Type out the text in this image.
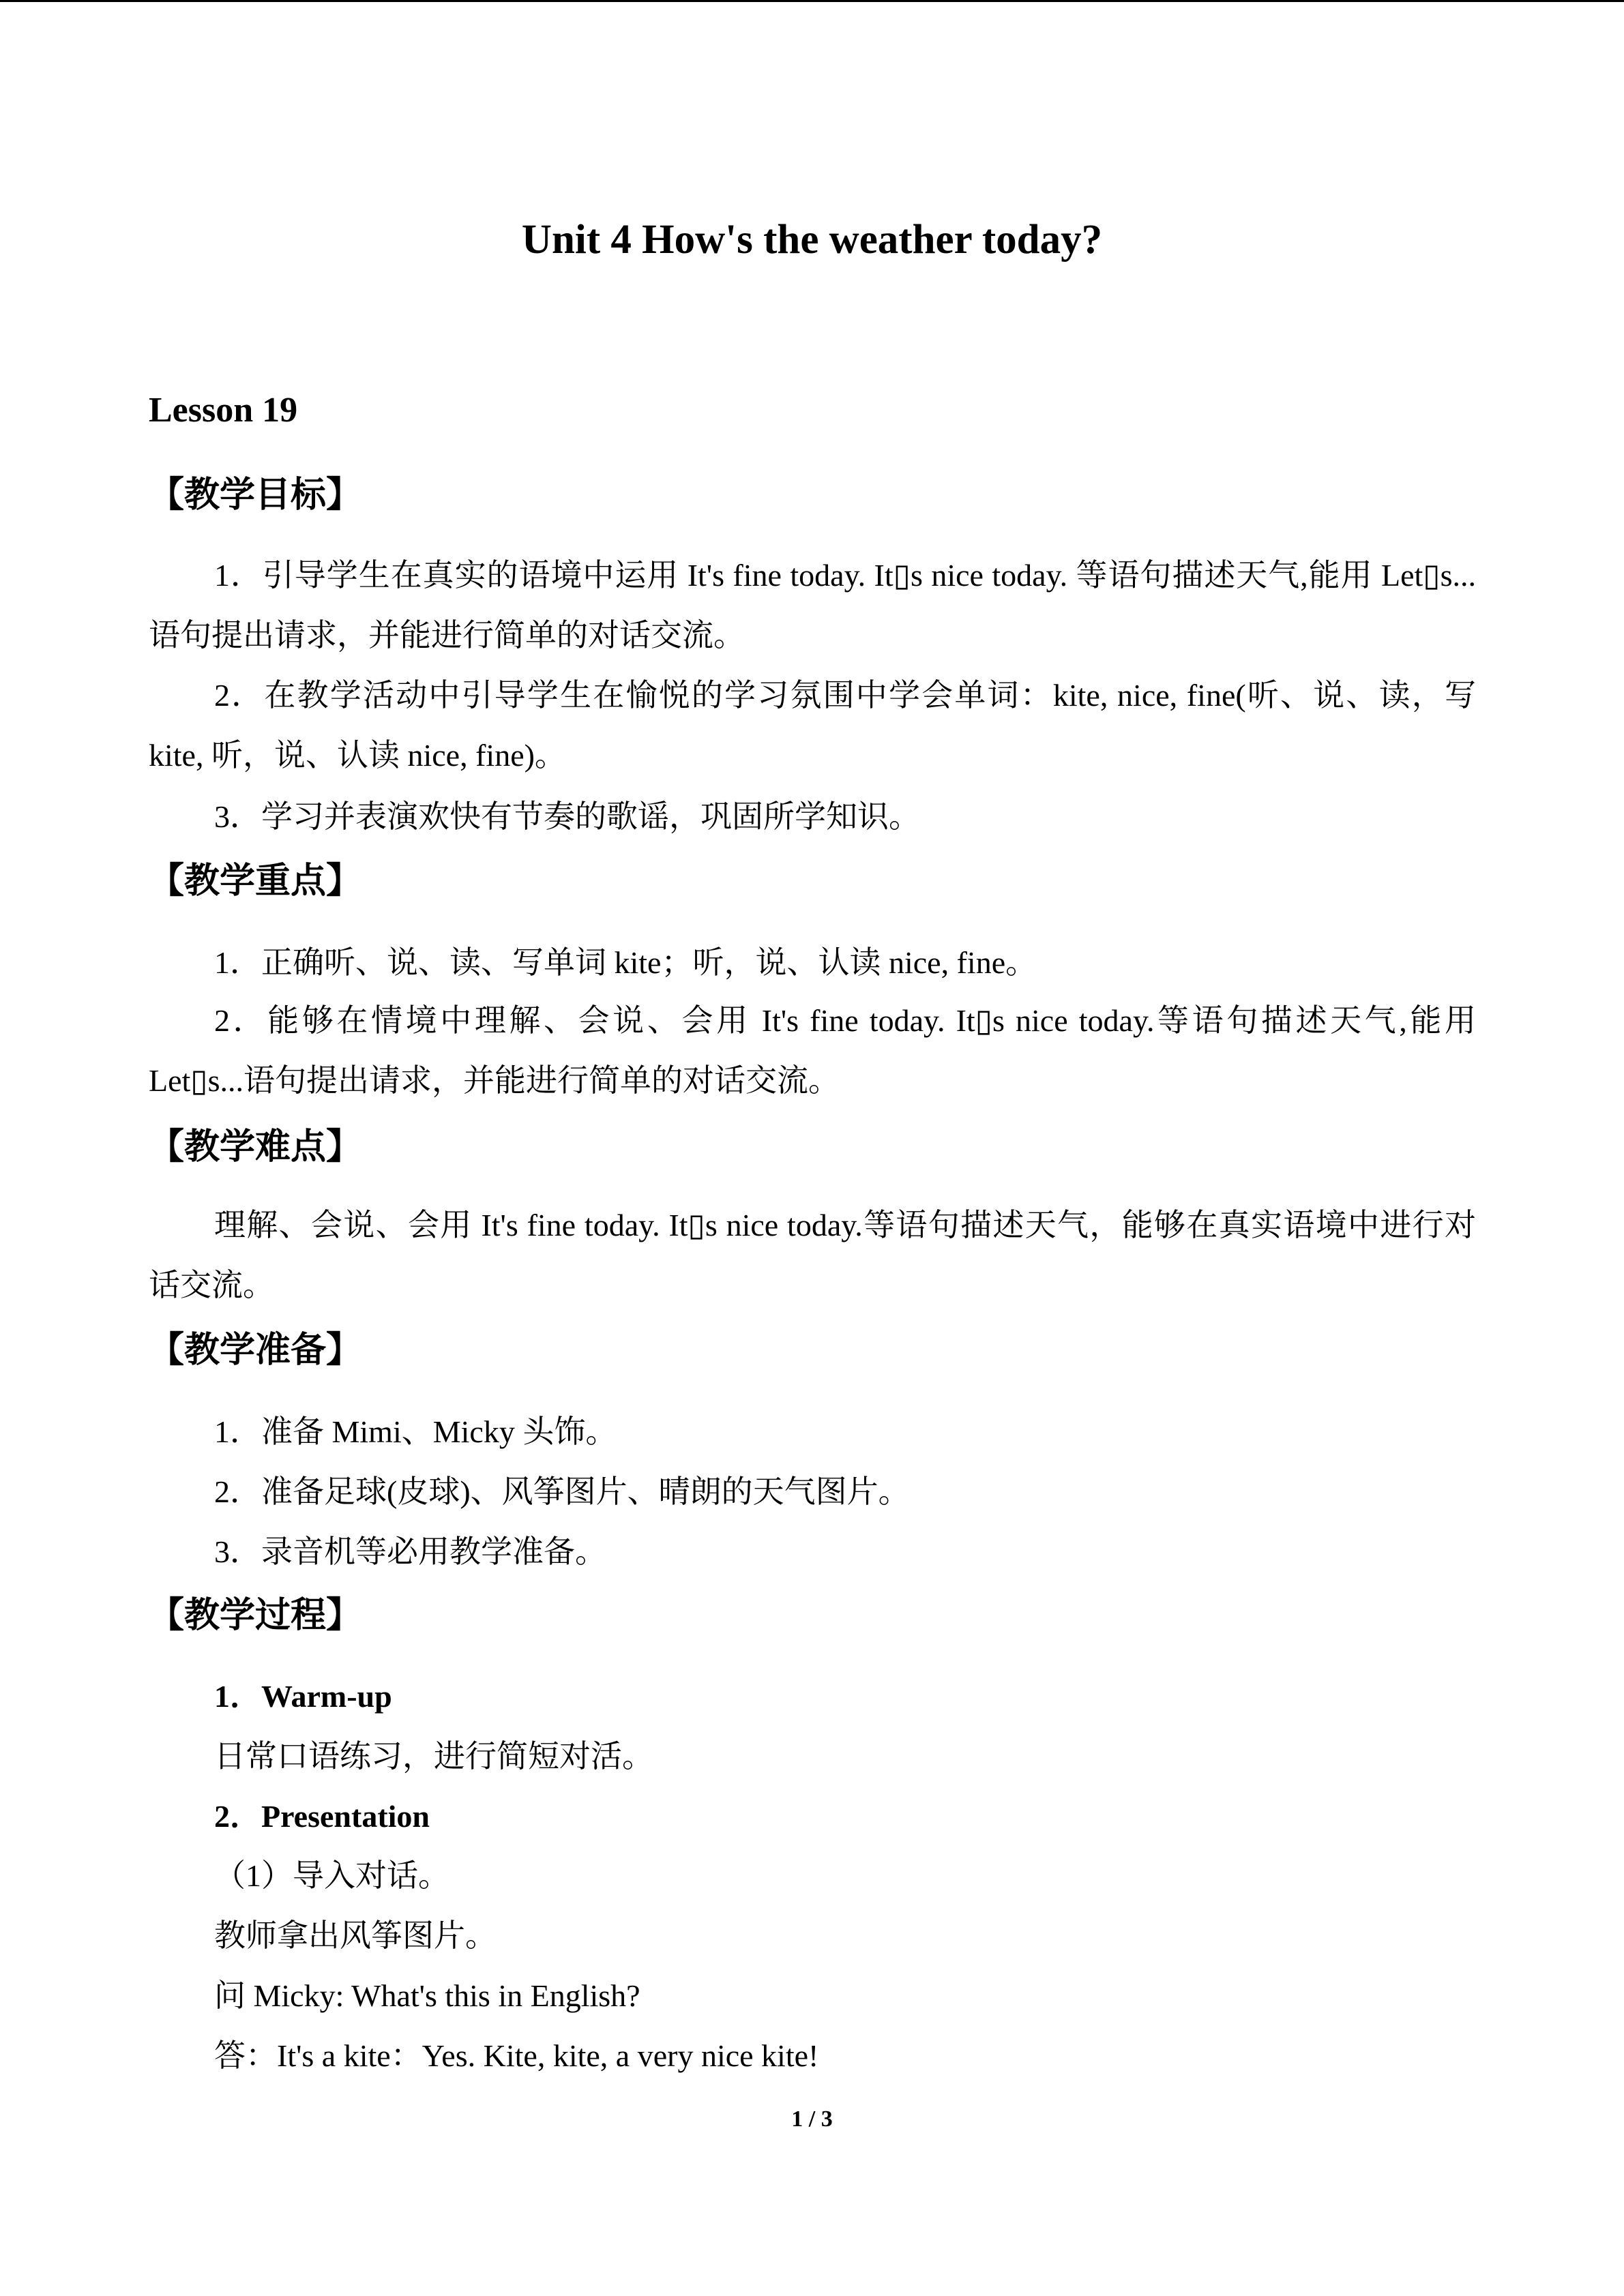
Unit 4 How's the weather today?
Lesson 19
【教学目标】

1．引导学生在真实的语境中运用 It's fine today. It▯s nice today. 等语句描述天气,能用 Let▯s...语句提出请求，并能进行简单的对话交流。

2．在教学活动中引导学生在愉悦的学习氛围中学会单词：kite, nice, fine(听、说、读，写 kite, 听，说、认读 nice, fine)。

3．学习并表演欢快有节奏的歌谣，巩固所学知识。

【教学重点】

1．正确听、说、读、写单词 kite；听，说、认读 nice, fine。

2．能够在情境中理解、会说、会用 It's fine today. It▯s nice today.等语句描述天气,能用 Let▯s...语句提出请求，并能进行简单的对话交流。

【教学难点】

理解、会说、会用 It's fine today. It▯s nice today.等语句描述天气，能够在真实语境中进行对话交流。

【教学准备】

1．准备 Mimi、Micky 头饰。

2．准备足球(皮球)、风筝图片、晴朗的天气图片。

3．录音机等必用教学准备。

【教学过程】

1．Warm-up

日常口语练习，进行简短对活。

2．Presentation

（1）导入对话。

教师拿出风筝图片。

问 Micky: What's this in English?

答：It's a kite：Yes. Kite, kite, a very nice kite!

1 / 3
